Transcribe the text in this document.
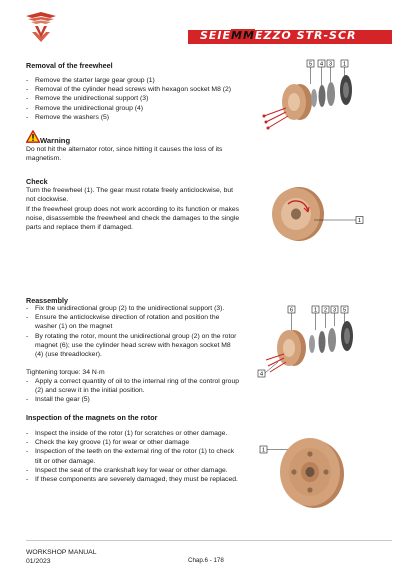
SEIEMMEZZO STR-SCR
Removal of the freewheel
- Remove the starter large gear group (1)
- Removal of the cylinder head screws with hexagon socket M8 (2)
- Remove the unidirectional support (3)
- Remove the unidirectional group (4)
- Remove the washers (5)
Warning

Do not hit the alternator rotor, since hitting it causes the loss of its magnetism.

5 4 3 1
Check

Turn the freewheel (1). The gear must rotate freely anticlockwise, but not clockwise.

If the freewheel group does not work according to its function or makes noise, disassemble the freewheel and check the damages to the single parts and replace them if damaged.

1
Reassembly
- Fix the unidirectional group (2) to the unidirectional support (3).
- Ensure the anticlockwise direction of rotation and position the washer (1) on the magnet
- By rotating the rotor, mount the unidirectional group (2) on the rotor magnet (6); use the cylinder head screw with hexagon socket M8 (4) (use threadlocker).

Tightening torque: 34 N·m

- Apply a correct quantity of oil to the internal ring of the control group (2) and screw it in the initial position.
- Install the gear (5)
6	1 2 3 5
4
Inspection of the magnets on the rotor
- Inspect the inside of the rotor (1) for scratches or other damage.
- Check the key groove (1) for wear or other damage
- Inspection of the teeth on the external ring of the rotor (1) to check tilt or other damage.
- Inspect the seat of the crankshaft key for wear or other damage.
- If these components are severely damaged, they must be replaced.
1
WORKSHOP MANUAL
01/2023	Chap.6 - 178
